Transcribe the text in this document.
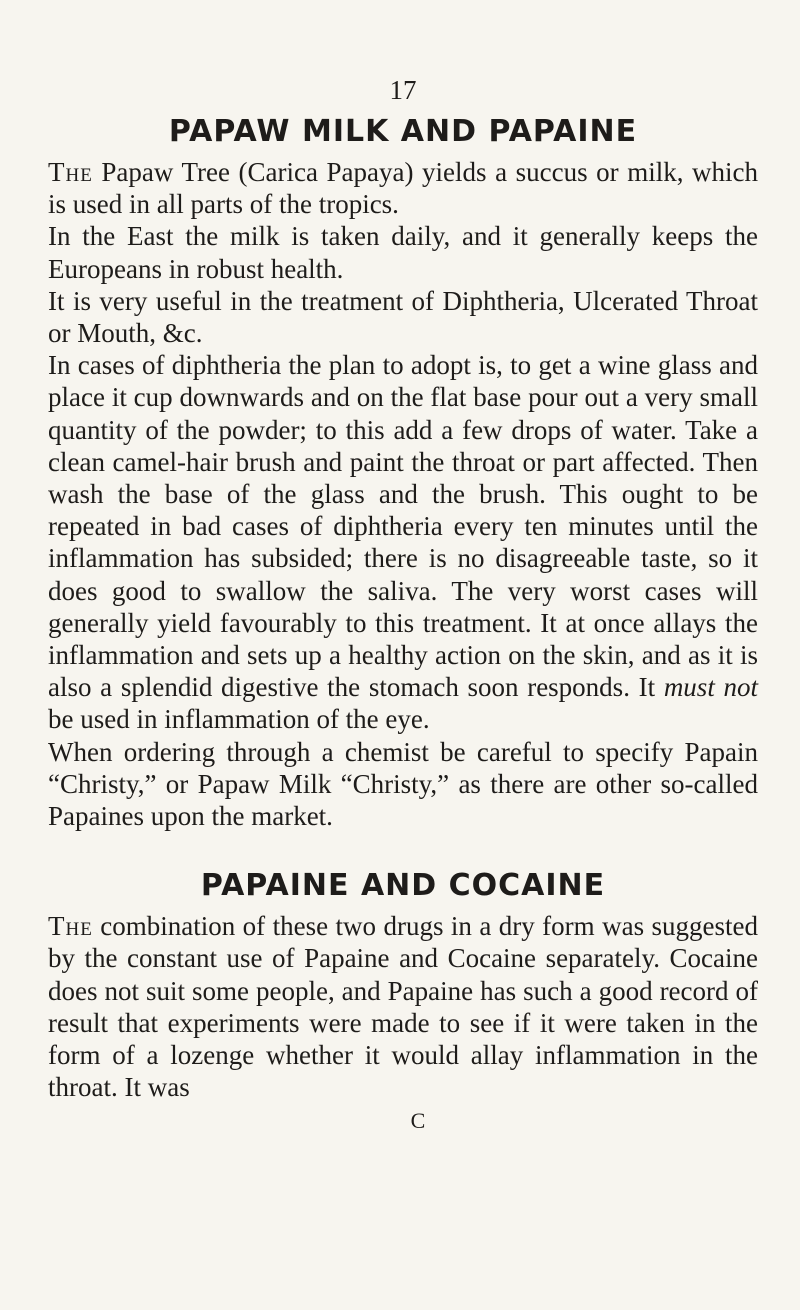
17
PAPAW MILK AND PAPAINE

The Papaw Tree (Carica Papaya) yields a succus or milk, which is used in all parts of the tropics.

In the East the milk is taken daily, and it generally keeps the Europeans in robust health.

It is very useful in the treatment of Diphtheria, Ulcerated Throat or Mouth, &c.

In cases of diphtheria the plan to adopt is, to get a wine glass and place it cup downwards and on the flat base pour out a very small quantity of the powder; to this add a few drops of water. Take a clean camel-hair brush and paint the throat or part affected. Then wash the base of the glass and the brush. This ought to be repeated in bad cases of diphtheria every ten minutes until the inflammation has subsided; there is no disagreeable taste, so it does good to swallow the saliva. The very worst cases will generally yield favourably to this treatment. It at once allays the inflammation and sets up a healthy action on the skin, and as it is also a splendid digestive the stomach soon responds. It must not be used in inflammation of the eye.

When ordering through a chemist be careful to specify Papain “Christy,” or Papaw Milk “Christy,” as there are other so-called Papaines upon the market.

PAPAINE AND COCAINE

The combination of these two drugs in a dry form was suggested by the constant use of Papaine and Cocaine separately. Cocaine does not suit some people, and Papaine has such a good record of result that experiments were made to see if it were taken in the form of a lozenge whether it would allay inflammation in the throat. It was

C
